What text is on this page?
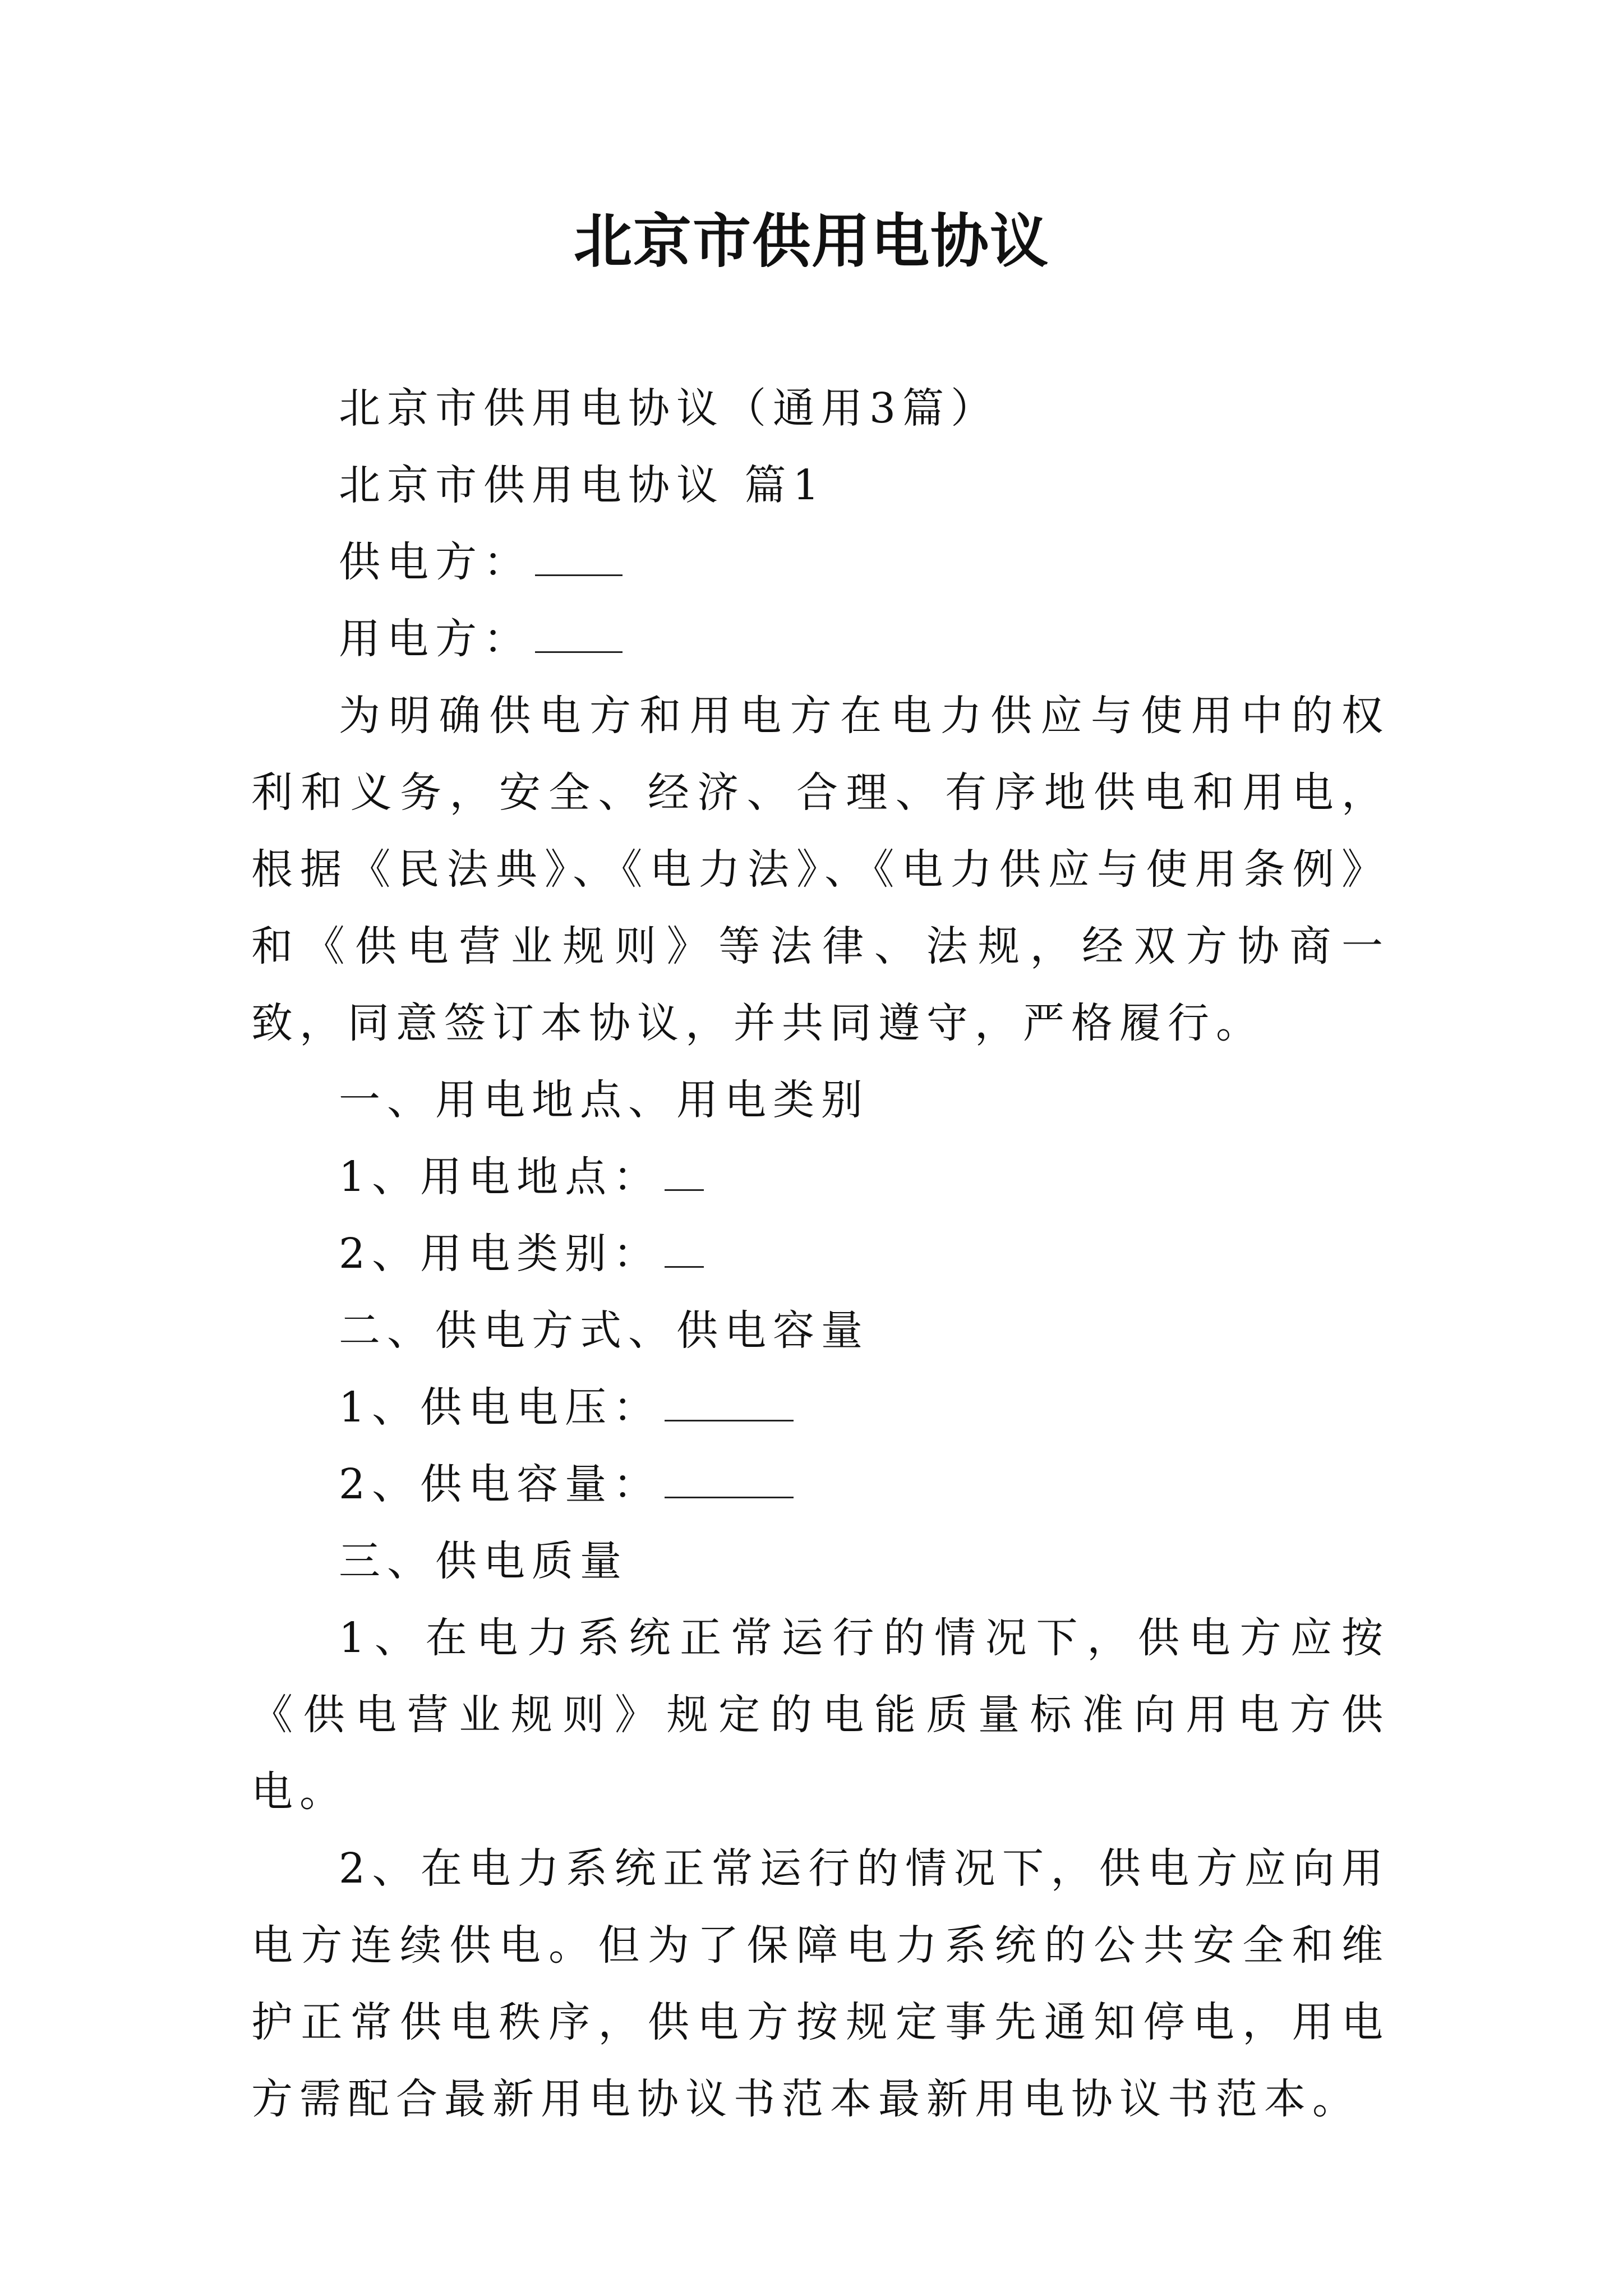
北京市供用电协议

北京市供用电协议（通用3篇）

北京市供用电协议 篇1

供电方：

用电方：

为明确供电方和用电方在电力供应与使用中的权利和义务，安全、经济、合理、有序地供电和用电，根据《民法典》、《电力法》、《电力供应与使用条例》和《供电营业规则》等法律、法规，经双方协商一致，同意签订本协议，并共同遵守，严格履行。

一、用电地点、用电类别

1、用电地点：

2、用电类别：

二、供电方式、供电容量

1、供电电压：

2、供电容量：

三、供电质量

1、在电力系统正常运行的情况下，供电方应按《供电营业规则》规定的电能质量标准向用电方供电。

2、在电力系统正常运行的情况下，供电方应向用电方连续供电。但为了保障电力系统的公共安全和维护正常供电秩序，供电方按规定事先通知停电，用电方需配合最新用电协议书范本最新用电协议书范本。
